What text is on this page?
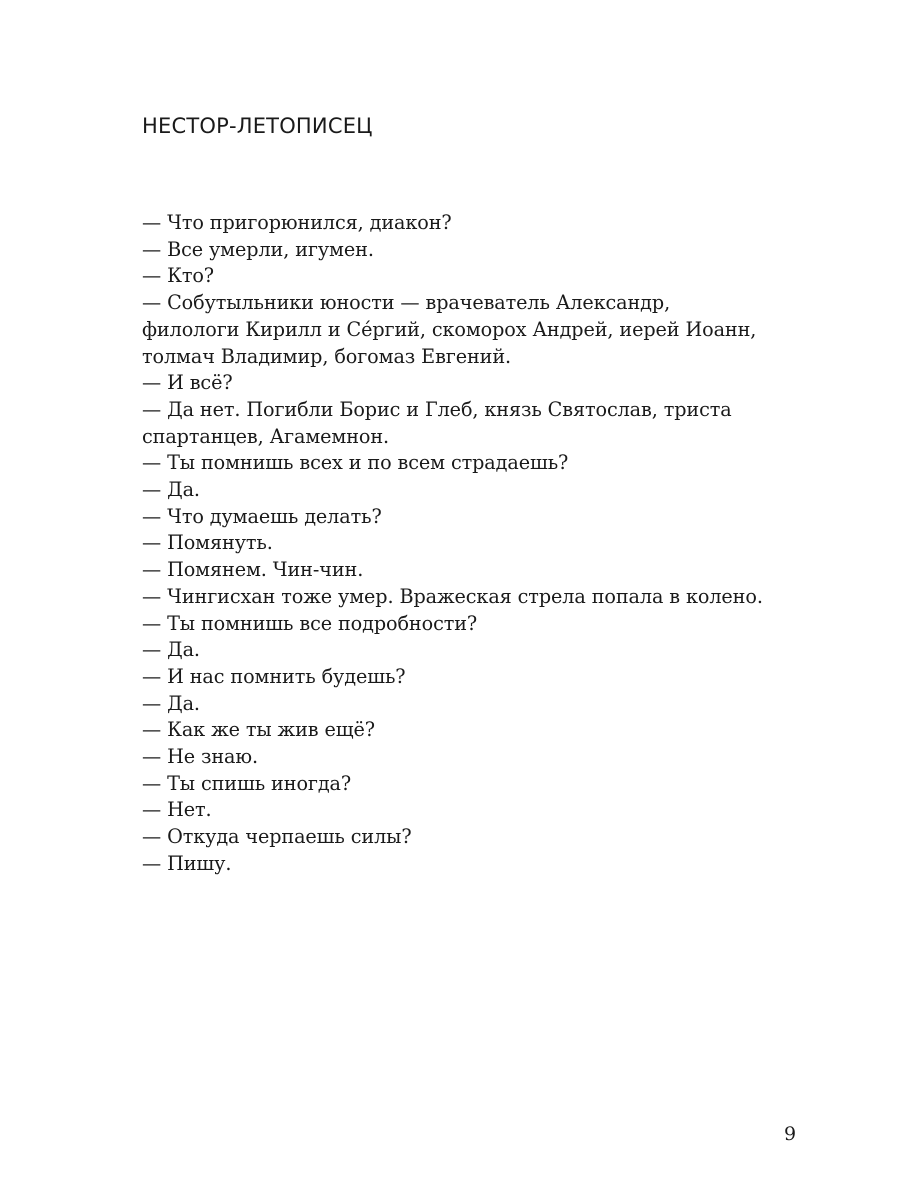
НЕСТОР-ЛЕТОПИСЕЦ
— Что пригорюнился, диакон?
— Все умерли, игумен.
— Кто?
— Собутыльники юности — врачеватель Александр,
филологи Кирилл и Се́ргий, скоморох Андрей, иерей Иоанн,
толмач Владимир, богомаз Евгений.
— И всё?
— Да нет. Погибли Борис и Глеб, князь Святослав, триста
спартанцев, Агамемнон.
— Ты помнишь всех и по всем страдаешь?
— Да.
— Что думаешь делать?
— Помянуть.
— Помянем. Чин-чин.
— Чингисхан тоже умер. Вражеская стрела попала в колено.
— Ты помнишь все подробности?
— Да.
— И нас помнить будешь?
— Да.
— Как же ты жив ещё?
— Не знаю.
— Ты спишь иногда?
— Нет.
— Откуда черпаешь силы?
— Пишу.
9
